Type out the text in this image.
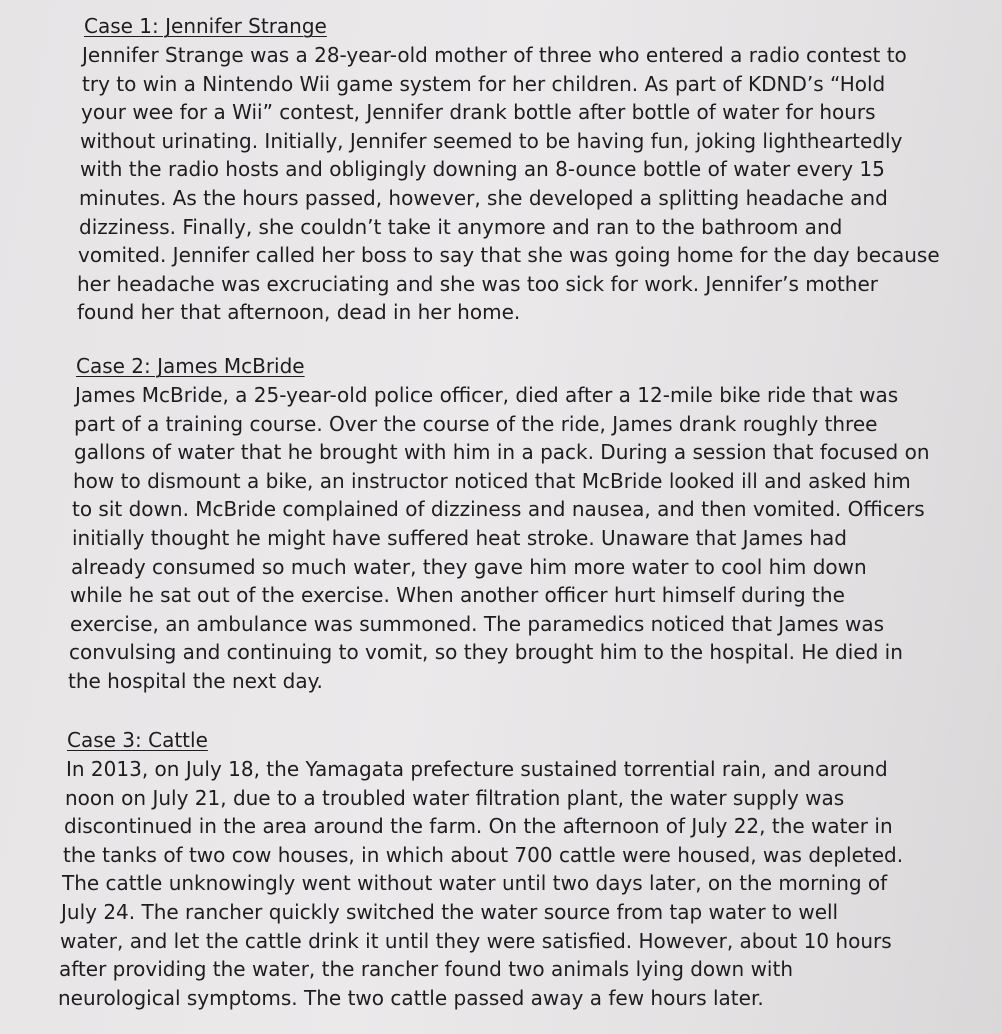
Case 1: Jennifer Strange
Jennifer Strange was a 28-year-old mother of three who entered a radio contest to
try to win a Nintendo Wii game system for her children. As part of KDND’s “Hold
your wee for a Wii” contest, Jennifer drank bottle after bottle of water for hours
without urinating. Initially, Jennifer seemed to be having fun, joking lightheartedly
with the radio hosts and obligingly downing an 8-ounce bottle of water every 15
minutes. As the hours passed, however, she developed a splitting headache and
dizziness. Finally, she couldn’t take it anymore and ran to the bathroom and
vomited. Jennifer called her boss to say that she was going home for the day because
her headache was excruciating and she was too sick for work. Jennifer’s mother
found her that afternoon, dead in her home.
Case 2: James McBride
James McBride, a 25-year-old police officer, died after a 12-mile bike ride that was
part of a training course. Over the course of the ride, James drank roughly three
gallons of water that he brought with him in a pack. During a session that focused on
how to dismount a bike, an instructor noticed that McBride looked ill and asked him
to sit down. McBride complained of dizziness and nausea, and then vomited. Officers
initially thought he might have suffered heat stroke. Unaware that James had
already consumed so much water, they gave him more water to cool him down
while he sat out of the exercise. When another officer hurt himself during the
exercise, an ambulance was summoned. The paramedics noticed that James was
convulsing and continuing to vomit, so they brought him to the hospital. He died in
the hospital the next day.
Case 3: Cattle
In 2013, on July 18, the Yamagata prefecture sustained torrential rain, and around
noon on July 21, due to a troubled water filtration plant, the water supply was
discontinued in the area around the farm. On the afternoon of July 22, the water in
the tanks of two cow houses, in which about 700 cattle were housed, was depleted.
The cattle unknowingly went without water until two days later, on the morning of
July 24. The rancher quickly switched the water source from tap water to well
water, and let the cattle drink it until they were satisfied. However, about 10 hours
after providing the water, the rancher found two animals lying down with
neurological symptoms. The two cattle passed away a few hours later.
